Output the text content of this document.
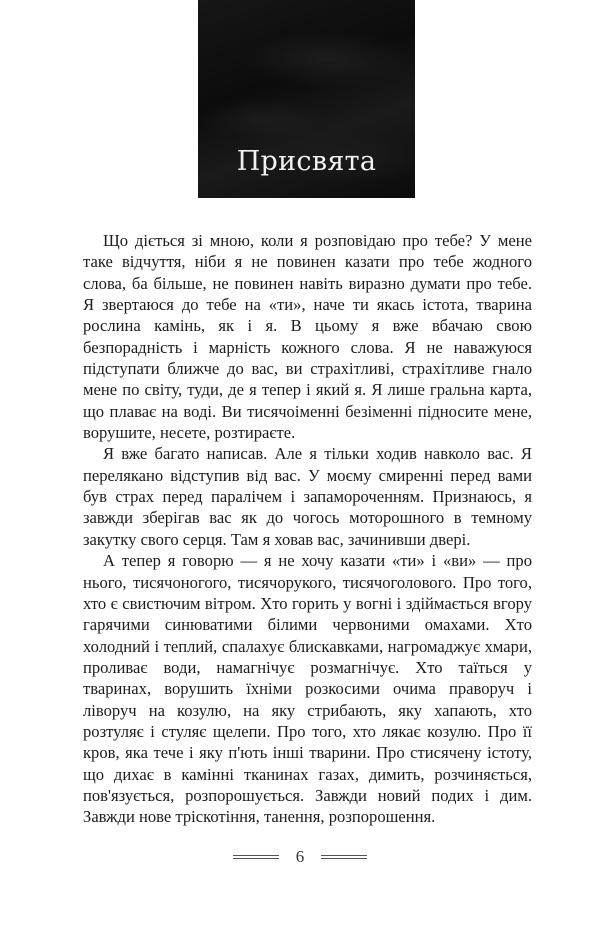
Присвята

Що діється зі мною, коли я розповідаю про тебе? У мене таке відчуття, ніби я не повинен казати про тебе жодного слова, ба більше, не повинен навіть виразно думати про тебе. Я звертаюся до тебе на «ти», наче ти якась істота, тварина рослина камінь, як і я. В цьому я вже вбачаю свою безпорадність і марність кожного слова. Я не наважуюся підступати ближче до вас, ви страхітливі, страхітливе гнало мене по світу, туди, де я тепер і який я. Я лише гральна карта, що плаває на воді. Ви тисячоіменні безіменні підносите мене, ворушите, несете, розтираєте.

Я вже багато написав. Але я тільки ходив навколо вас. Я перелякано відступив від вас. У моєму смиренні перед вами був страх перед паралічем і запамороченням. Признаюсь, я завжди зберігав вас як до чогось моторошного в темному закутку свого серця. Там я ховав вас, зачинивши двері.

А тепер я говорю — я не хочу казати «ти» і «ви» — про нього, тисячоногого, тисячорукого, тисячоголового. Про того, хто є свистючим вітром. Хто горить у вогні і здіймається вгору гарячими синюватими білими червоними омахами. Хто холодний і теплий, спалахує блискавками, нагромаджує хмари, проливає води, намагнічує розмагнічує. Хто таїться у тваринах, ворушить їхніми розкосими очима праворуч і ліворуч на козулю, на яку стрибають, яку хапають, хто розтуляє і стуляє щелепи. Про того, хто лякає козулю. Про її кров, яка тече і яку п'ють інші тварини. Про стисячену істоту, що дихає в камінні тканинах газах, димить, розчиняється, пов'язується, розпорошується. Завжди новий подих і дим. Завжди нове тріскотіння, танення, розпорошення.

6
